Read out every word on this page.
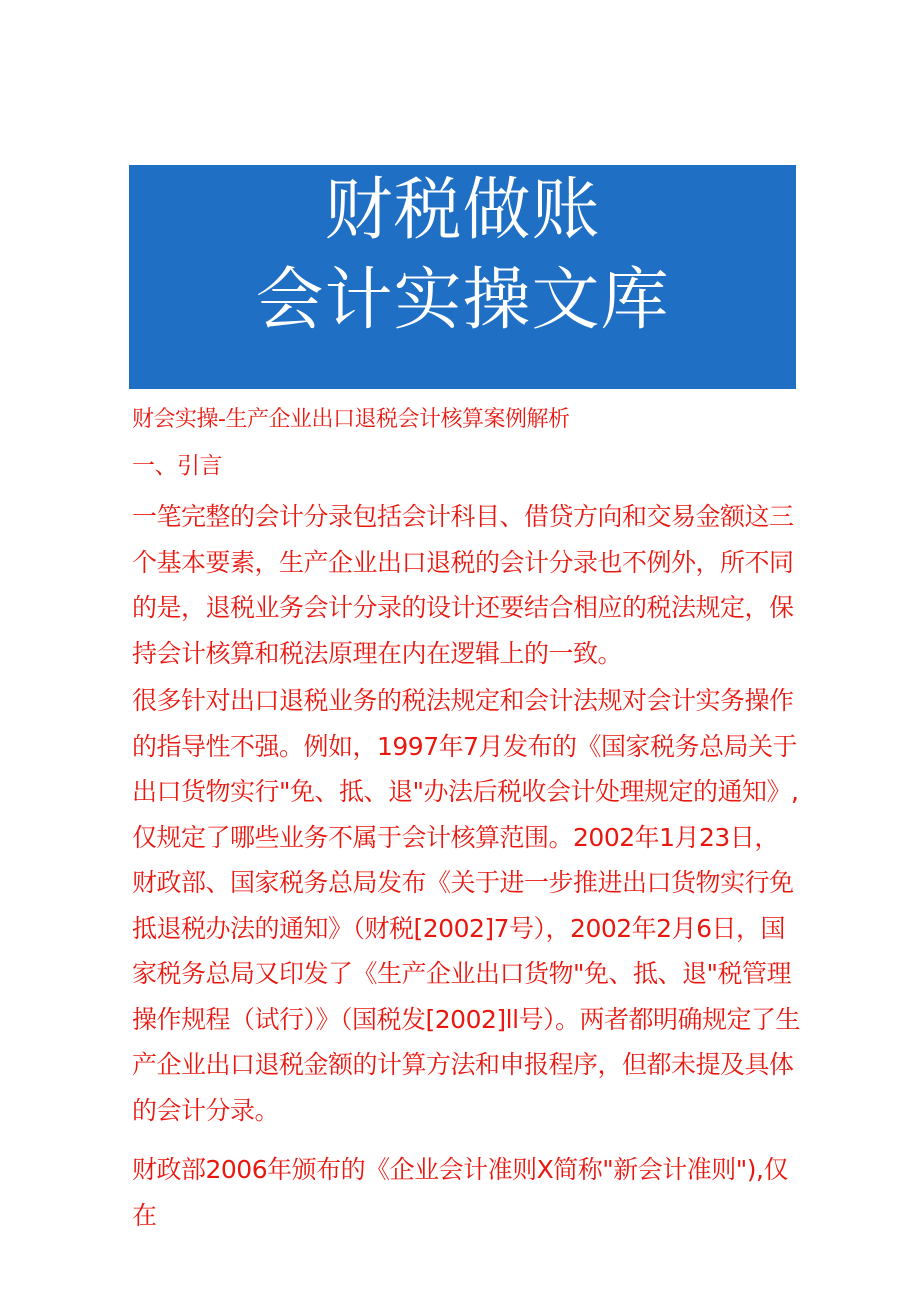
财税做账
会计实操文库
财会实操-生产企业出口退税会计核算案例解析
一、引言

一笔完整的会计分录包括会计科目、借贷方向和交易金额这三个基本要素，生产企业出口退税的会计分录也不例外，所不同的是，退税业务会计分录的设计还要结合相应的税法规定，保持会计核算和税法原理在内在逻辑上的一致。

很多针对出口退税业务的税法规定和会计法规对会计实务操作的指导性不强。例如，1997年7月发布的《国家税务总局关于出口货物实行"免、抵、退"办法后税收会计处理规定的通知》,仅规定了哪些业务不属于会计核算范围。2002年1月23日，财政部、国家税务总局发布《关于进一步推进出口货物实行免抵退税办法的通知》（财税[2002]7号），2002年2月6日，国家税务总局又印发了《生产企业出口货物"免、抵、退"税管理操作规程（试行）》（国税发[2002]ll号）。两者都明确规定了生产企业出口退税金额的计算方法和申报程序，但都未提及具体的会计分录。

财政部2006年颁布的《企业会计准则X简称"新会计准则"),仅在
